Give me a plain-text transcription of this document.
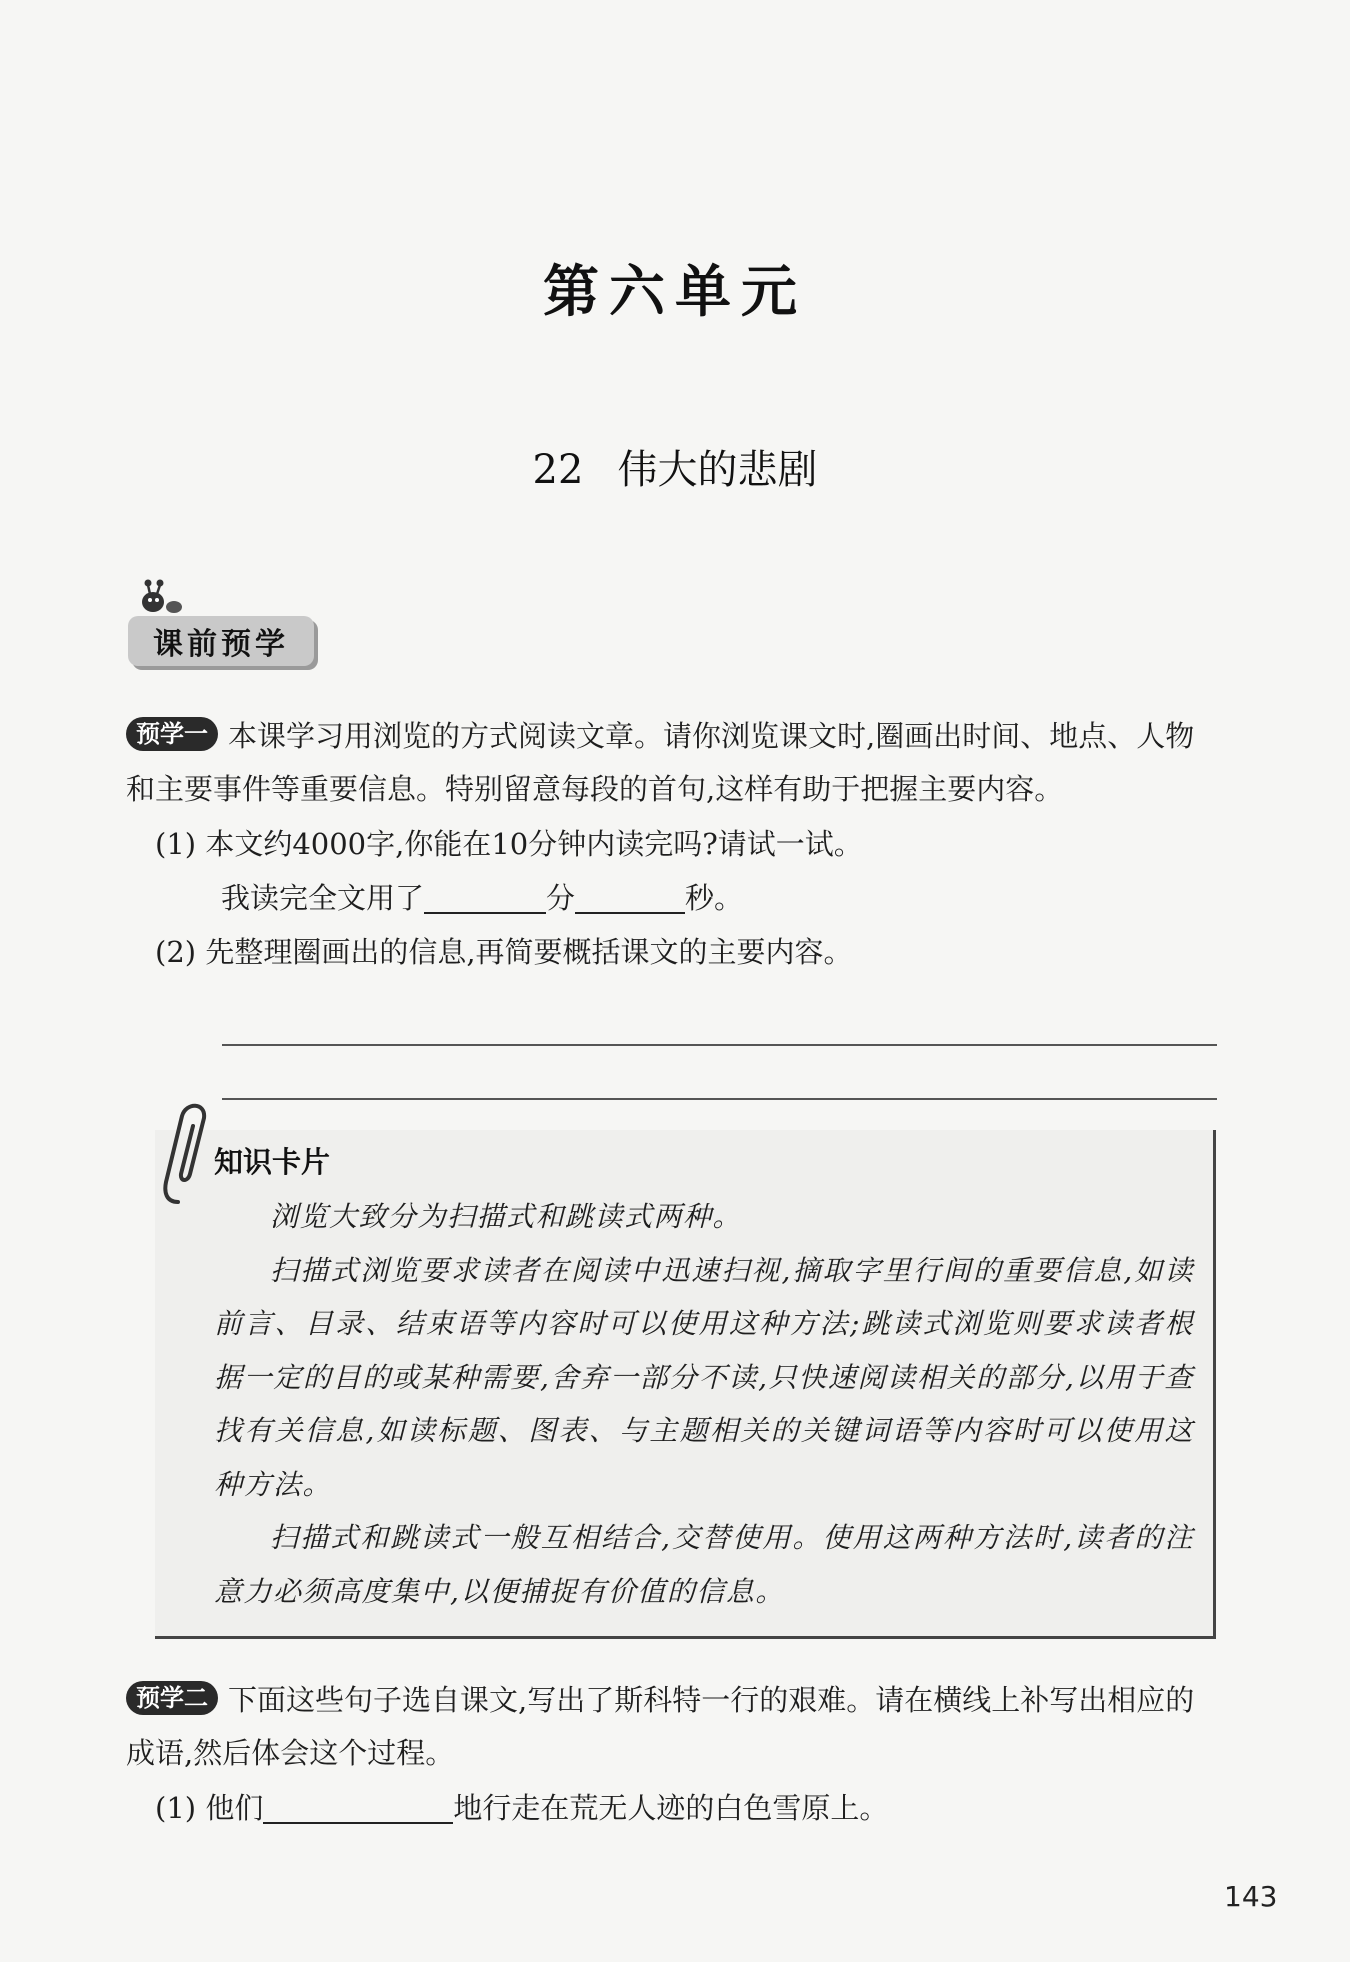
第六单元
22 伟大的悲剧
课前预学
预学一 本课学习用浏览的方式阅读文章。请你浏览课文时,圈画出时间、地点、人物和主要事件等重要信息。特别留意每段的首句,这样有助于把握主要内容。
(1) 本文约4000字,你能在10分钟内读完吗?请试一试。
我读完全文用了	分	秒。
(2) 先整理圈画出的信息,再简要概括课文的主要内容。
知识卡片

浏览大致分为扫描式和跳读式两种。

扫描式浏览要求读者在阅读中迅速扫视,摘取字里行间的重要信息,如读前言、目录、结束语等内容时可以使用这种方法;跳读式浏览则要求读者根据一定的目的或某种需要,舍弃一部分不读,只快速阅读相关的部分,以用于查找有关信息,如读标题、图表、与主题相关的关键词语等内容时可以使用这种方法。

扫描式和跳读式一般互相结合,交替使用。使用这两种方法时,读者的注意力必须高度集中,以便捕捉有价值的信息。

预学二 下面这些句子选自课文,写出了斯科特一行的艰难。请在横线上补写出相应的成语,然后体会这个过程。
(1) 他们	地行走在荒无人迹的白色雪原上。
143
